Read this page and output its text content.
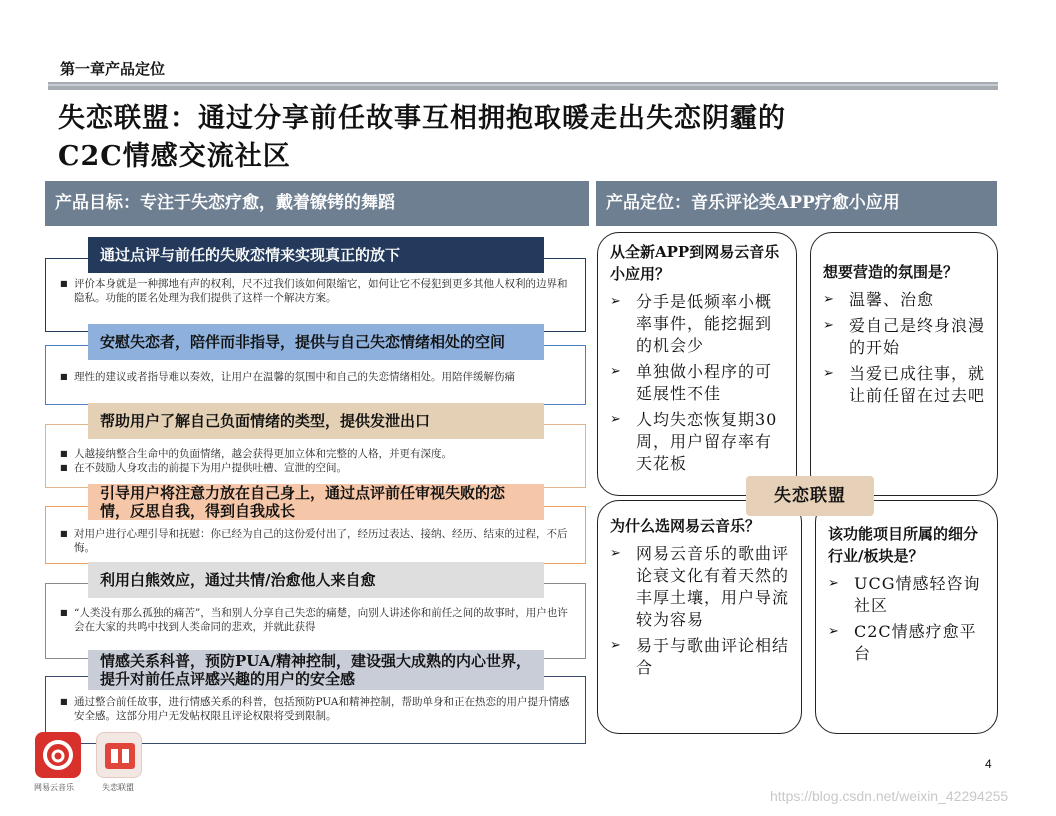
第一章产品定位
失恋联盟：通过分享前任故事互相拥抱取暖走出失恋阴霾的
C2C情感交流社区
产品目标：专注于失恋疗愈，戴着镣铐的舞蹈	产品定位：音乐评论类APP疗愈小应用
■ 评价本身就是一种掷地有声的权利，尺不过我们该如何限缩它，如何让它不侵犯到更多其他人权利的边界和隐私。功能的匿名处理为我们提供了这样一个解决方案。
通过点评与前任的失败恋情来实现真正的放下
■ 理性的建议或者指导难以奏效，让用户在温馨的氛围中和自己的失恋情绪相处。用陪伴缓解伤痛
安慰失恋者，陪伴而非指导，提供与自己失恋情绪相处的空间
■ 人越接纳整合生命中的负面情绪，越会获得更加立体和完整的人格，并更有深度。
■ 在不鼓励人身攻击的前提下为用户提供吐槽、宣泄的空间。
帮助用户了解自己负面情绪的类型，提供发泄出口
■ 对用户进行心理引导和抚慰：你已经为自己的这份爱付出了，经历过表达、接纳、经历、结束的过程，不后悔。
引导用户将注意力放在自己身上，通过点评前任审视失败的恋情，反思自我，得到自我成长
■ “人类没有那么孤独的痛苦”，当和别人分享自己失恋的痛楚，向别人讲述你和前任之间的故事时，用户也许会在大家的共鸣中找到人类命同的悲欢，并就此获得
利用白熊效应，通过共情/治愈他人来自愈
■ 通过整合前任故事，进行情感关系的科普，包括预防PUA和精神控制，帮助单身和正在热恋的用户提升情感安全感。这部分用户无发帖权限且评论权限将受到限制。
情感关系科普，预防PUA/精神控制，建设强大成熟的内心世界，提升对前任点评感兴趣的用户的安全感
从全新APP到网易云音乐小应用？
➢ 分手是低频率小概率事件，能挖掘到的机会少
➢ 单独做小程序的可延展性不佳
➢ 人均失恋恢复期30周，用户留存率有天花板
想要营造的氛围是？
➢ 温馨、治愈
➢ 爱自己是终身浪漫的开始
➢ 当爱已成往事，就让前任留在过去吧
为什么选网易云音乐？
➢ 网易云音乐的歌曲评论衰文化有着天然的丰厚土壤，用户导流较为容易
➢ 易于与歌曲评论相结合
该功能项目所属的细分行业/板块是？
➢ UCG情感轻咨询社区
➢ C2C情感疗愈平台
失恋联盟
网易云音乐	失恋联盟
4
https://blog.csdn.net/weixin_42294255
